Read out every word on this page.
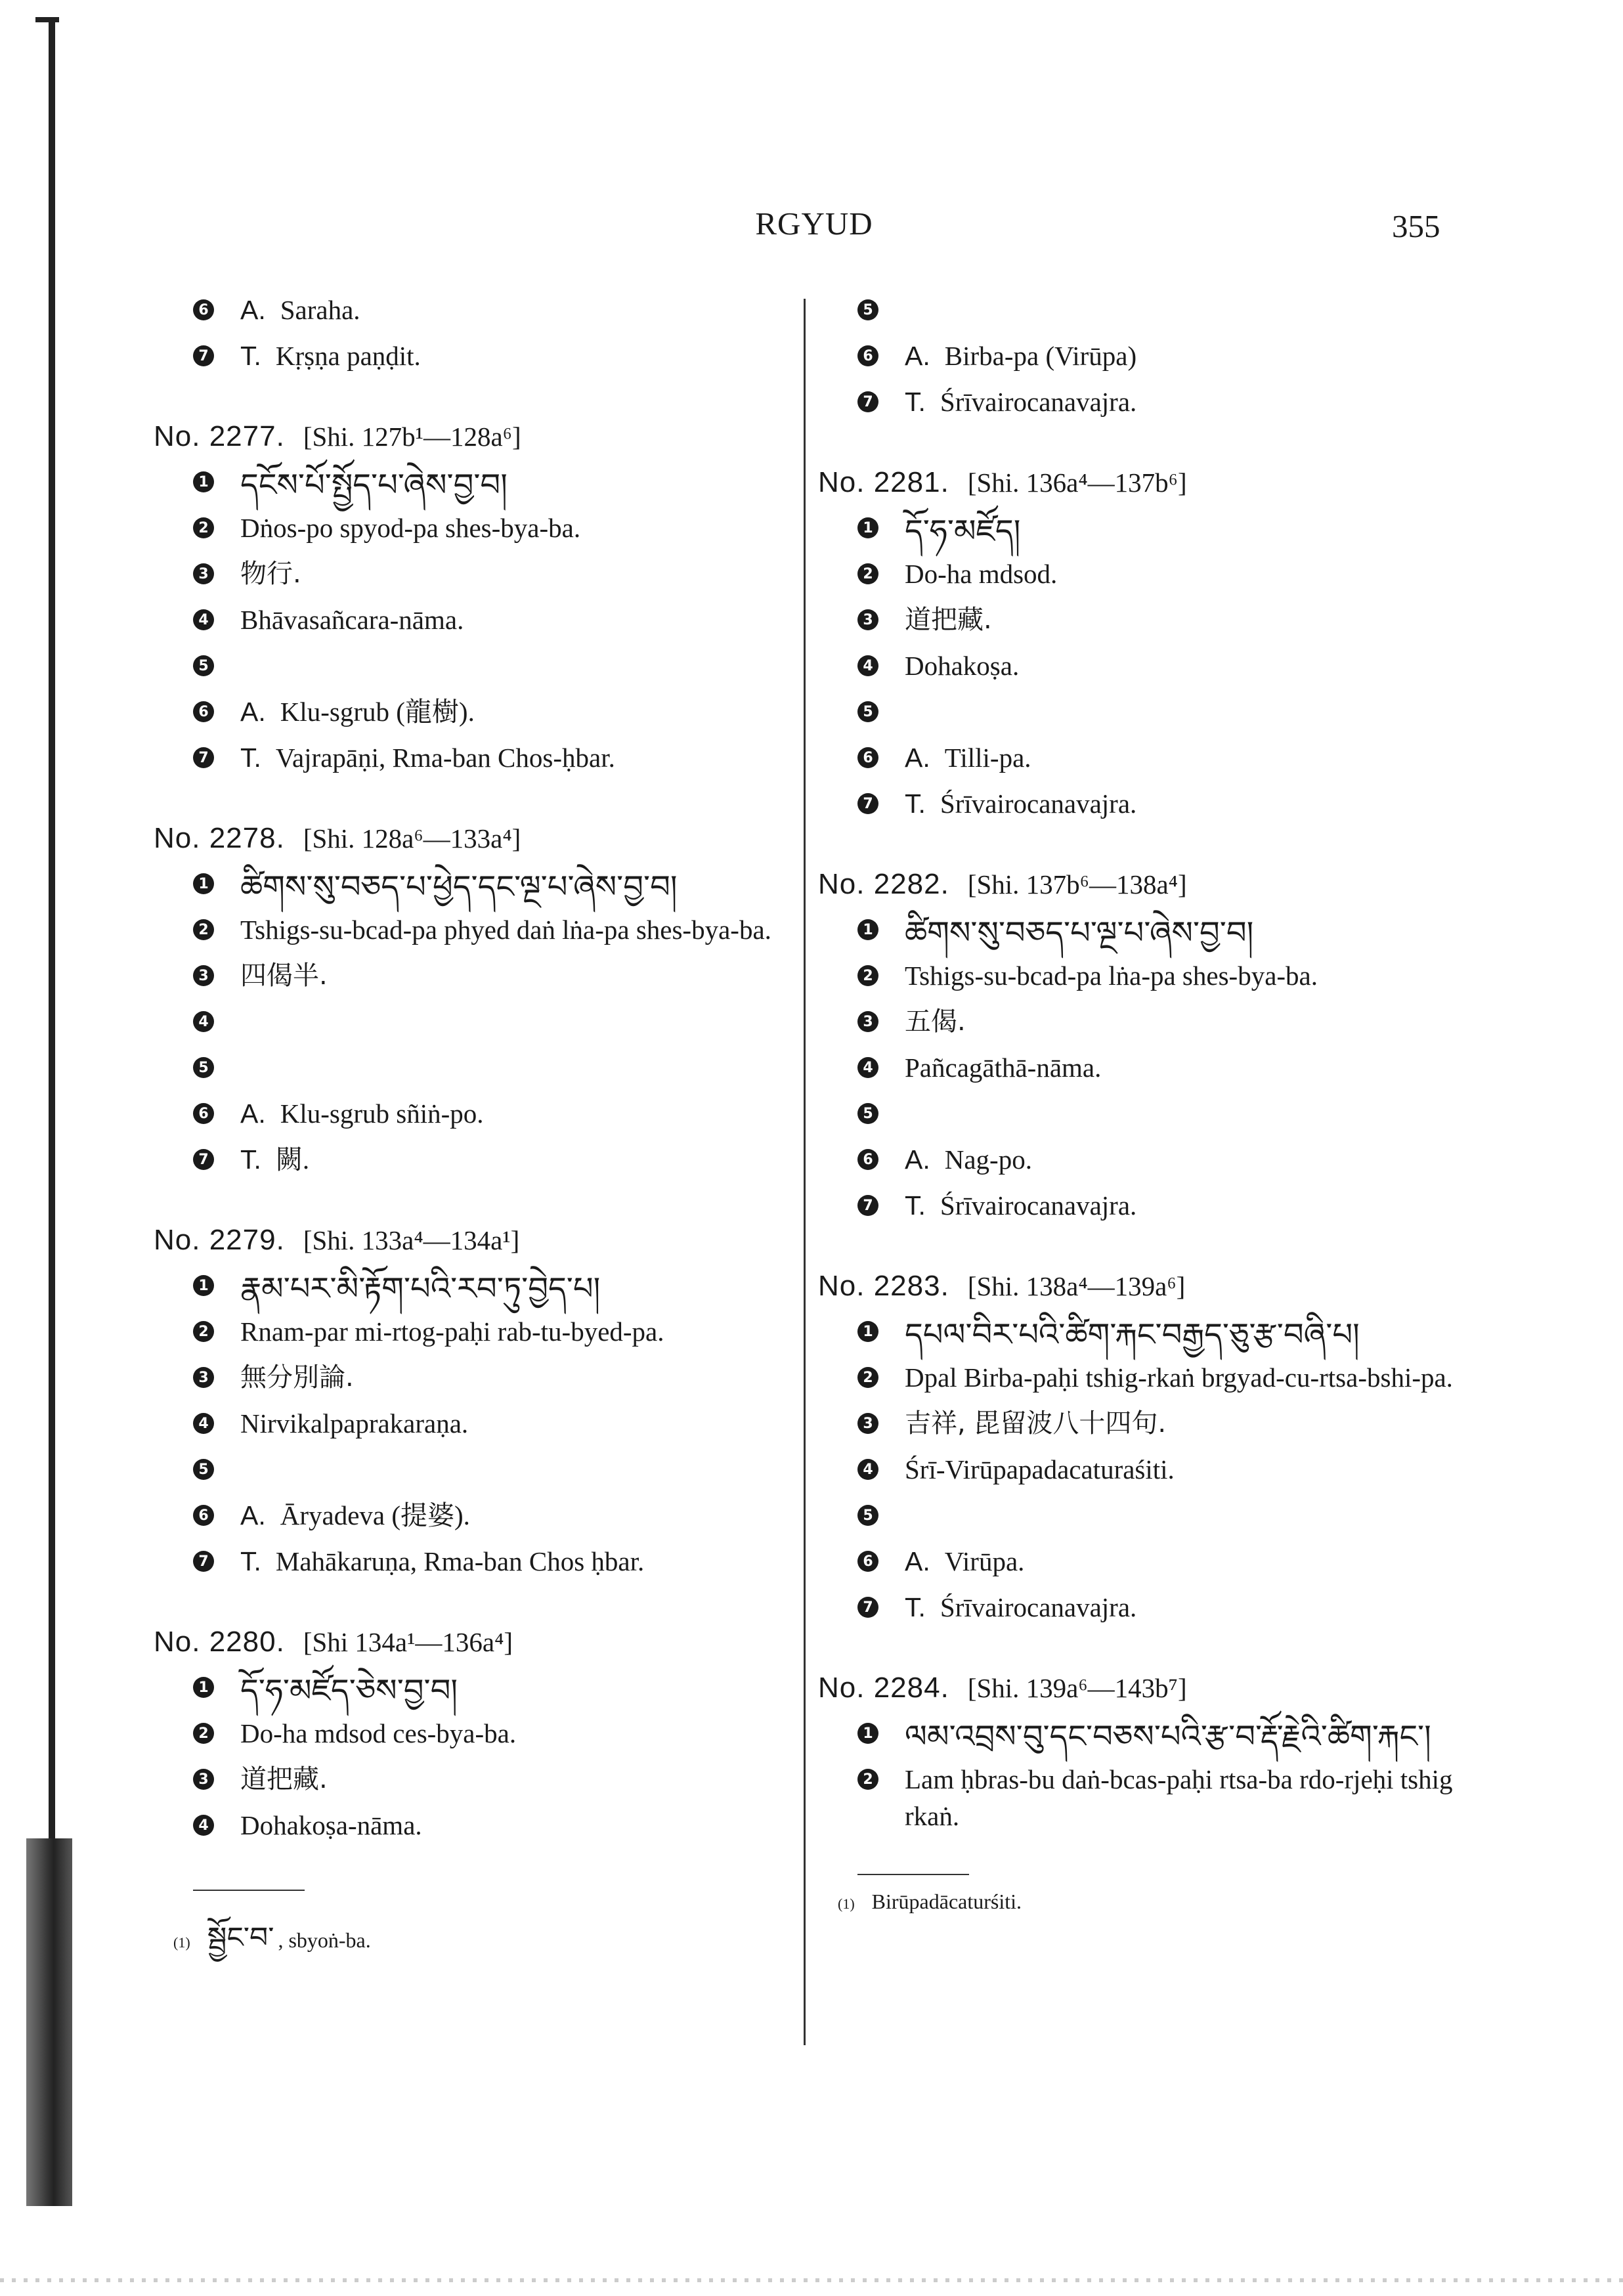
RGYUD	355
6 A. Saraha.
7 T. Kṛṣṇa paṇḍit.
No. 2277. [Shi. 127b¹—128a⁶]
1 དངོས་པོ་སྤྱོད་པ་ཞེས་བྱ་བ།
2 Dṅos-po spyod-pa shes-bya-ba.
3 物行.
4 Bhāvasañcara-nāma.
5
6 A. Klu-sgrub (龍樹).
7 T. Vajrapāṇi, Rma-ban Chos-ḥbar.
No. 2278. [Shi. 128a⁶—133a⁴]
1 ཚིགས་སུ་བཅད་པ་ཕྱེད་དང་ལྔ་པ་ཞེས་བྱ་བ།
2 Tshigs-su-bcad-pa phyed daṅ lṅa-pa shes-bya-ba.
3 四偈半.
4
5
6 A. Klu-sgrub sñiṅ-po.
7 T. 闕.
No. 2279. [Shi. 133a⁴—134a¹]
1 རྣམ་པར་མི་རྟོག་པའི་རབ་ཏུ་བྱེད་པ།
2 Rnam-par mi-rtog-paḥi rab-tu-byed-pa.
3 無分別論.
4 Nirvikalpaprakaraṇa.
5
6 A. Āryadeva (提婆).
7 T. Mahākaruṇa, Rma-ban Chos ḥbar.
No. 2280. [Shi 134a¹—136a⁴]
1 དོ་ཧ་མཛོད་ཅེས་བྱ་བ།
2 Do-ha mdsod ces-bya-ba.
3 道把藏.
4 Dohakoṣa-nāma.
(1) སྦྱོང་བ་ , sbyoṅ-ba.
5
6 A. Birba-pa (Virūpa)
7 T. Śrīvairocanavajra.
No. 2281. [Shi. 136a⁴—137b⁶]
1 དོ་ཧ་མཛོད།
2 Do-ha mdsod.
3 道把藏.
4 Dohakoṣa.
5
6 A. Tilli-pa.
7 T. Śrīvairocanavajra.
No. 2282. [Shi. 137b⁶—138a⁴]
1 ཚིགས་སུ་བཅད་པ་ལྔ་པ་ཞེས་བྱ་བ།
2 Tshigs-su-bcad-pa lṅa-pa shes-bya-ba.
3 五偈.
4 Pañcagāthā-nāma.
5
6 A. Nag-po.
7 T. Śrīvairocanavajra.
No. 2283. [Shi. 138a⁴—139a⁶]
1 དཔལ་བིར་པའི་ཚིག་རྐང་བརྒྱད་ཅུ་རྩ་བཞི་པ།
2 Dpal Birba-paḥi tshig-rkaṅ brgyad-cu-rtsa-bshi-pa.
3 吉祥, 毘留波八十四句.
4 Śrī-Virūpapadacaturaśiti.
5
6 A. Virūpa.
7 T. Śrīvairocanavajra.
No. 2284. [Shi. 139a⁶—143b⁷]
1 ལམ་འབྲས་བུ་དང་བཅས་པའི་རྩ་བ་རྡོ་རྗེའི་ཚིག་རྐང་།
2 Lam ḥbras-bu daṅ-bcas-paḥi rtsa-ba rdo-rjeḥi tshig rkaṅ.
(1) Birūpadācaturśiti.
